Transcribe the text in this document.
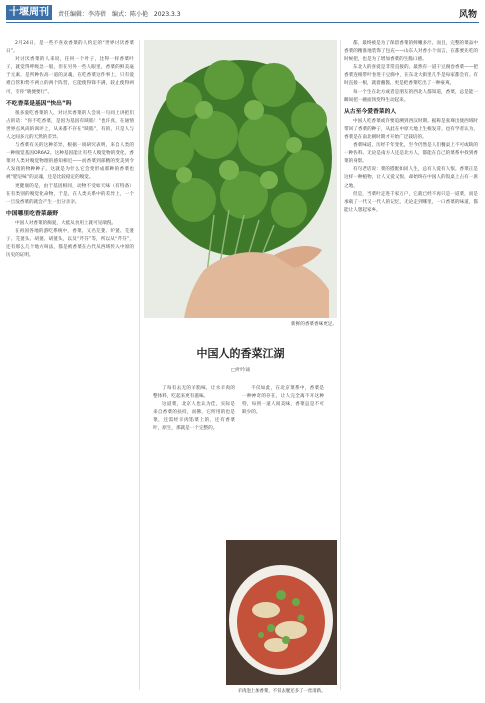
十堰周刊	责任编辑：李涛蓓 编式：陈小艳 2023.3.3	风物

2月24日，是一些不喜欢香菜的人约定的“世界讨厌香菜日”。

对讨厌香菜的人来说，任何一个叶子，比得一样香菜叶子，就觉得呼吸急一般，但在另外一些人眼里，香菜的鲜美毫于元素，是所种佐高一道的灵魂，在吃香菜这件事上，只有爱难自管和势不两立的两个阵营，它能使得锋不满，较止使得两可，专你“晓便要行”。

不吃香菜是基因“快出”吗

很多爱吃香菜的人，对讨厌香菜的人会说一句同上讲把们占的话：“你不吃香菜，是因为基因有缺陷！”也许真，在通情世界点风尚的讽评上，从来都不存在“缺陷”，有的，只是人与人之间多元的天然的差异。

与香菜有关的这种差异，根据一项研究表明，来自人类的一种嗅觉基因OR6A2。这种基因能让有些人嗅觉物的变化，香菜对人类对嗅觉物理的感知相近——而香菜到部精的变美到令人发指的物种种子。这就是为什么它会变形成那种的香菜也被“肥皂味”的灵魂，还是比较稳定的嗅觉。

更健康的是，由于基因相同，动物不受如天味（有特备）在有类别的嗅觉化命物，于是，在人类关系中的差异上，一个一旦没香菜的就会产生一出分亲亲。

中国哪里吃香菜最野

中国人对香菜的痴爱，大抵从食用上就可见端倪。

在祖国各地的游吃系统中，香菜、又名芫荽、炉荽、芫荽子、芫荽头、胡荽、胡荽头，以及“芹芬”等，所以从“芹芬”，还有那么几个地方叫法，都是被香菜在古代从西域传入中原的历史的证明。

新鲜的香菜香味更足。
中国人的香菜江湖
□叶吟诵

了每有去无的羊脂味，让水羊肉的整体料，吃起来更有滋味。

这道菜，北京人也认为佳，实际是来自香菜的扶持，而佛，它所用的也是菜，还需经羊肉馅菜上的，还有香菜叶，原生，那就是一个完整的。

不仅如此，在北京菜系中，香菜是一种神奇的存在，让人完全离不开这种特，每到一道人间美味，香菜总是不可缺少的。

羊肉泡上加香菜，不仅去腥还多了一丝清新。

都，最终被是为了保留香菜的鲜嫩多汁。而且，完整的菜品中香菜的精准地装饰了包充——山东人对香小个而言，在都要先吃的时候把，也是为了增加香菜的生脆口感。

东北人的喜爱是非常直接的。最然有一道干豆腐卷香菜——把香菜连根带叶卷进干豆腐中，在东北大街里几乎是每家都会有。有时直接一根，就着蘸酱，更是把香菜吃出了一种豪爽。

每一个生在北方或者是朋友的西北人都知道，香菜，总是能一瞬间把一碗面汤变得生动起来。

从古至今爱香菜的人

中国人吃香菜或许要追溯到西汉时期。据称是张骞出使西域时带回了香菜的种子，从此在中原大地上生根发芽。也有学者认为，香菜是在南北朝时期才开始广泛栽培的。

香菜味道，历经千年变化，至今仍然是人们餐桌上不可或缺的一种佐料。无论是南方人还是北方人，都能在自己的菜系中找到香菜的身影。

有句老话说：菜的搭配如同人生，总有人爱有人恨。香菜正是这样一种植物，让人又爱又恨，却始终在中国人的饭桌上占有一席之地。

但是，当菜叶走进千家万户，它就已经不再只是一道菜，而是承载了一代又一代人的记忆，无论走到哪里，一口香菜的味道，都能让人想起家乡。
